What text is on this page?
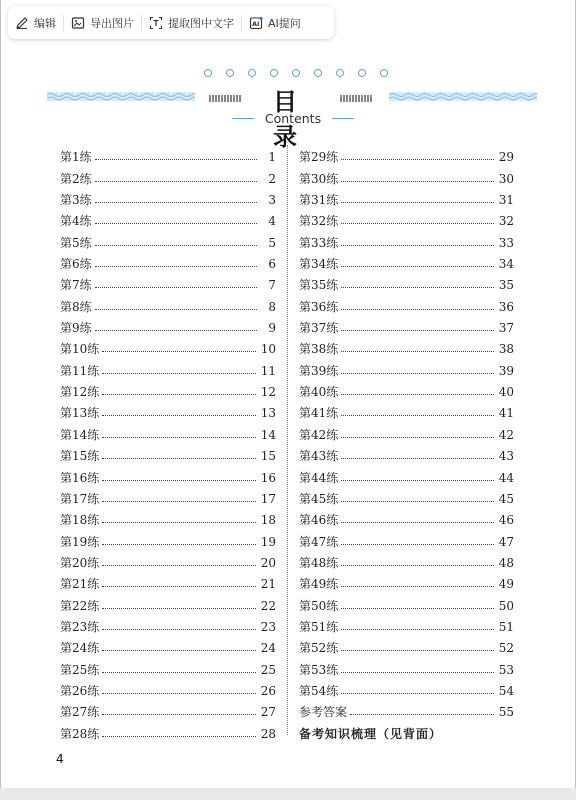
编辑	导出图片	提取图中文字	AI AI提问
目 录
Contents
第1练	1
第2练	2
第3练	3
第4练	4
第5练	5
第6练	6
第7练	7
第8练	8
第9练	9
第10练	10
第11练	11
第12练	12
第13练	13
第14练	14
第15练	15
第16练	16
第17练	17
第18练	18
第19练	19
第20练	20
第21练	21
第22练	22
第23练	23
第24练	24
第25练	25
第26练	26
第27练	27
第28练	28
第29练	29
第30练	30
第31练	31
第32练	32
第33练	33
第34练	34
第35练	35
第36练	36
第37练	37
第38练	38
第39练	39
第40练	40
第41练	41
第42练	42
第43练	43
第44练	44
第45练	45
第46练	46
第47练	47
第48练	48
第49练	49
第50练	50
第51练	51
第52练	52
第53练	53
第54练	54
参考答案	55
备考知识梳理（见背面）
4
